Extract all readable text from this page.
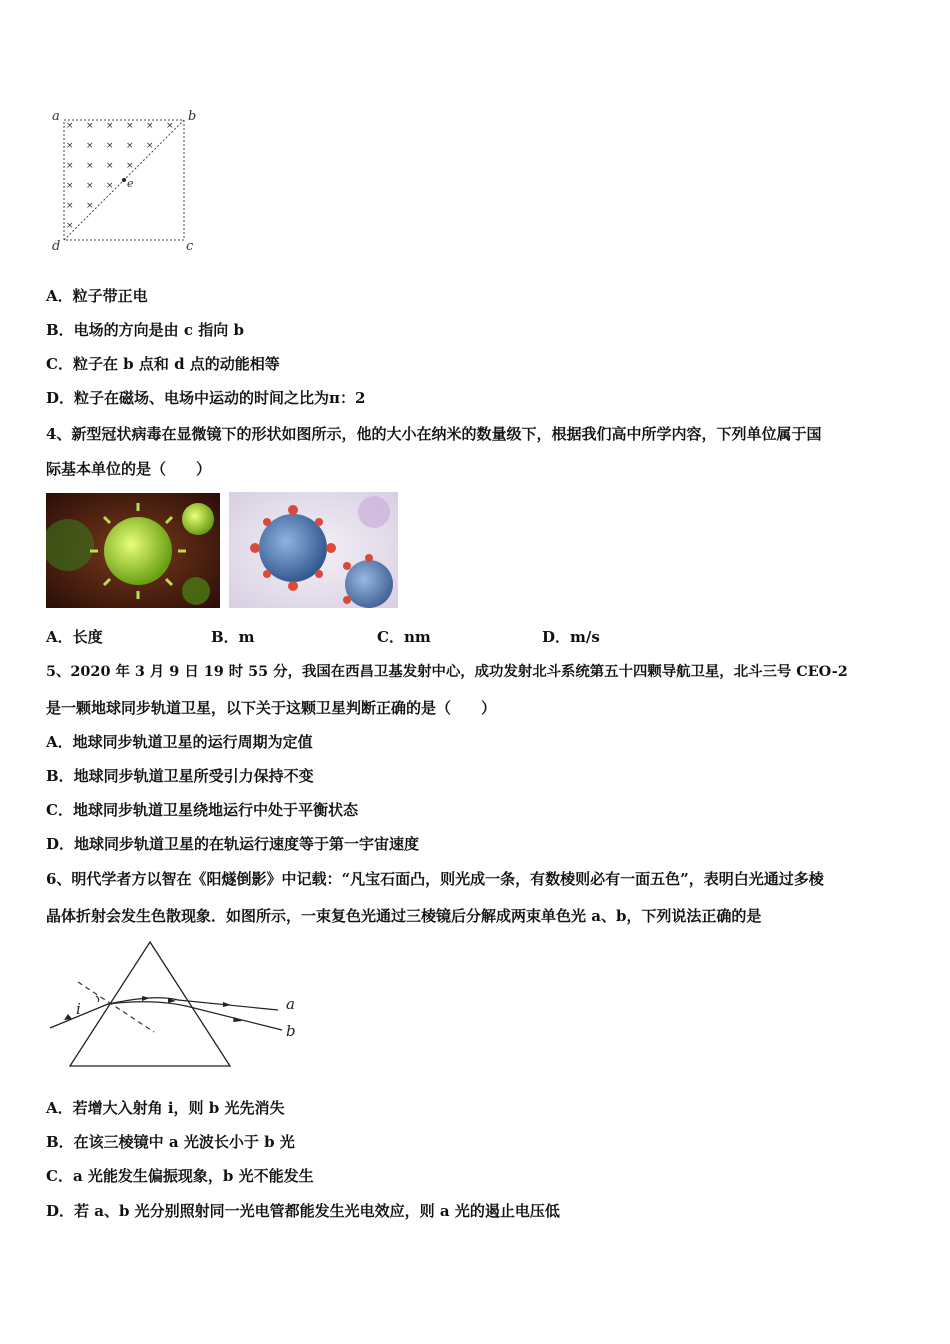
× × × × × ×
× × × × ×
× × × ×
× × ×
× ×
×
a	b
c
d
e
A．粒子带正电
B．电场的方向是由 c 指向 b
C．粒子在 b 点和 d 点的动能相等
D．粒子在磁场、电场中运动的时间之比为π：2
4、新型冠状病毒在显微镜下的形状如图所示，他的大小在纳米的数量级下，根据我们高中所学内容，下列单位属于国
际基本单位的是（　　）
A．长度	B．m	C．nm	D．m/s
5、2020 年 3 月 9 日 19 时 55 分，我国在西昌卫基发射中心，成功发射北斗系统第五十四颗导航卫星，北斗三号 CEO-2
是一颗地球同步轨道卫星，以下关于这颗卫星判断正确的是（　　）
A．地球同步轨道卫星的运行周期为定值
B．地球同步轨道卫星所受引力保持不变
C．地球同步轨道卫星绕地运行中处于平衡状态
D．地球同步轨道卫星的在轨运行速度等于第一宇宙速度
6、明代学者方以智在《阳燧倒影》中记载：“凡宝石面凸，则光成一条，有数棱则必有一面五色”，表明白光通过多棱
晶体折射会发生色散现象．如图所示，一束复色光通过三棱镜后分解成两束单色光 a、b，下列说法正确的是
i	a
b
A．若增大入射角 i，则 b 光先消失
B．在该三棱镜中 a 光波长小于 b 光
C．a 光能发生偏振现象，b 光不能发生
D．若 a、b 光分别照射同一光电管都能发生光电效应，则 a 光的遏止电压低
